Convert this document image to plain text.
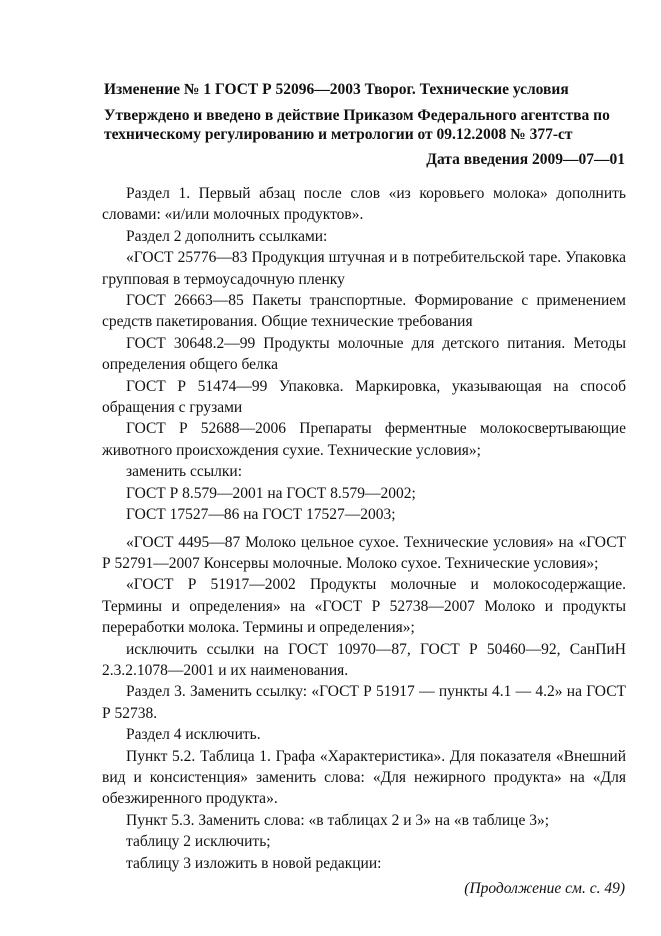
Изменение № 1 ГОСТ Р 52096—2003 Творог. Технические условия
Утверждено и введено в действие Приказом Федерального агентства по
техническому регулированию и метрологии от 09.12.2008 № 377-ст
Дата введения 2009—07—01

Раздел 1. Первый абзац после слов «из коровьего молока» дополнить словами: «и/или молочных продуктов».

Раздел 2 дополнить ссылками:

«ГОСТ 25776—83 Продукция штучная и в потребительской таре. Упаковка групповая в термоусадочную пленку

ГОСТ 26663—85 Пакеты транспортные. Формирование с применением средств пакетирования. Общие технические требования

ГОСТ 30648.2—99 Продукты молочные для детского питания. Методы определения общего белка

ГОСТ Р 51474—99 Упаковка. Маркировка, указывающая на способ обращения с грузами

ГОСТ Р 52688—2006 Препараты ферментные молокосвертывающие животного происхождения сухие. Технические условия»;

заменить ссылки:

ГОСТ Р 8.579—2001 на ГОСТ 8.579—2002;

ГОСТ 17527—86 на ГОСТ 17527—2003;

«ГОСТ 4495—87 Молоко цельное сухое. Технические условия» на «ГОСТ Р 52791—2007 Консервы молочные. Молоко сухое. Технические условия»;

«ГОСТ Р 51917—2002 Продукты молочные и молокосодержащие. Термины и определения» на «ГОСТ Р 52738—2007 Молоко и продукты переработки молока. Термины и определения»;

исключить ссылки на ГОСТ 10970—87, ГОСТ Р 50460—92, СанПиН 2.3.2.1078—2001 и их наименования.

Раздел 3. Заменить ссылку: «ГОСТ Р 51917 — пункты 4.1 — 4.2» на ГОСТ Р 52738.

Раздел 4 исключить.

Пункт 5.2. Таблица 1. Графа «Характеристика». Для показателя «Внешний вид и консистенция» заменить слова: «Для нежирного продукта» на «Для обезжиренного продукта».

Пункт 5.3. Заменить слова: «в таблицах 2 и 3» на «в таблице 3»;

таблицу 2 исключить;

таблицу 3 изложить в новой редакции:

(Продолжение см. с. 49)
